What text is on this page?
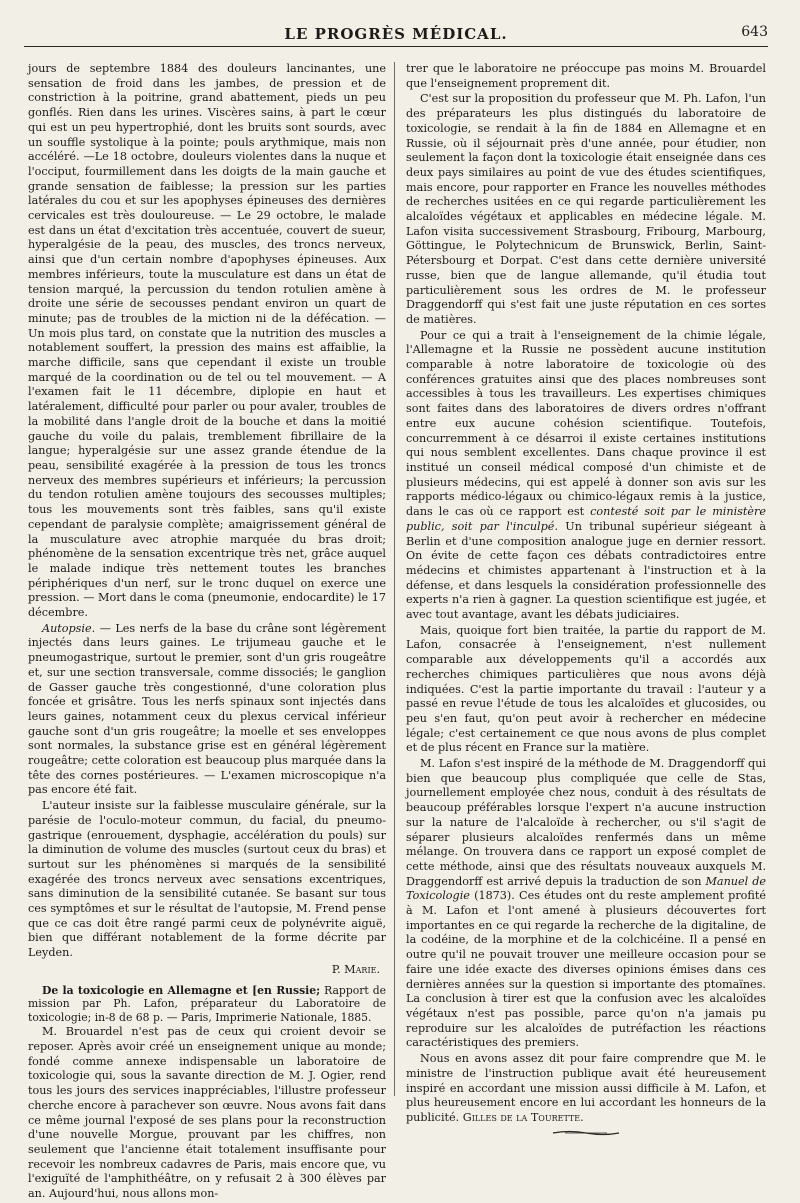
LE PROGRÈS MÉDICAL.	643

jours de septembre 1884 des douleurs lancinantes, une sensation de froid dans les jambes, de pression et de constriction à la poitrine, grand abattement, pieds un peu gonflés. Rien dans les urines. Viscères sains, à part le cœur qui est un peu hypertrophié, dont les bruits sont sourds, avec un souffle systolique à la pointe; pouls arythmique, mais non accéléré. —Le 18 octobre, douleurs violentes dans la nuque et l'occiput, fourmillement dans les doigts de la main gauche et grande sensation de faiblesse; la pression sur les parties latérales du cou et sur les apophyses épineuses des dernières cervicales est très douloureuse. — Le 29 octobre, le malade est dans un état d'excitation très accentuée, couvert de sueur, hyperalgésie de la peau, des muscles, des troncs nerveux, ainsi que d'un certain nombre d'apophyses épineuses. Aux membres inférieurs, toute la musculature est dans un état de tension marqué, la percussion du tendon rotulien amène à droite une série de secousses pendant environ un quart de minute; pas de troubles de la miction ni de la défécation. — Un mois plus tard, on constate que la nutrition des muscles a notablement souffert, la pression des mains est affaiblie, la marche difficile, sans que cependant il existe un trouble marqué de la coordination ou de tel ou tel mouvement. — A l'examen fait le 11 décembre, diplopie en haut et latéralement, difficulté pour parler ou pour avaler, troubles de la mobilité dans l'angle droit de la bouche et dans la moitié gauche du voile du palais, tremblement fibrillaire de la langue; hyperalgésie sur une assez grande étendue de la peau, sensibilité exagérée à la pression de tous les troncs nerveux des membres supérieurs et inférieurs; la percussion du tendon rotulien amène toujours des secousses multiples; tous les mouvements sont très faibles, sans qu'il existe cependant de paralysie complète; amaigrissement général de la musculature avec atrophie marquée du bras droit; phénomène de la sensation excentrique très net, grâce auquel le malade indique très nettement toutes les branches périphériques d'un nerf, sur le tronc duquel on exerce une pression. — Mort dans le coma (pneumonie, endocardite) le 17 décembre.

Autopsie. — Les nerfs de la base du crâne sont légèrement injectés dans leurs gaines. Le trijumeau gauche et le pneumogastrique, surtout le premier, sont d'un gris rougeâtre et, sur une section transversale, comme dissociés; le ganglion de Gasser gauche très congestionné, d'une coloration plus foncée et grisâtre. Tous les nerfs spinaux sont injectés dans leurs gaines, notamment ceux du plexus cervical inférieur gauche sont d'un gris rougeâtre; la moelle et ses enveloppes sont normales, la substance grise est en général légèrement rougeâtre; cette coloration est beaucoup plus marquée dans la tête des cornes postérieures. — L'examen microscopique n'a pas encore été fait.

L'auteur insiste sur la faiblesse musculaire générale, sur la parésie de l'oculo-moteur commun, du facial, du pneumo-gastrique (enrouement, dysphagie, accélération du pouls) sur la diminution de volume des muscles (surtout ceux du bras) et surtout sur les phénomènes si marqués de la sensibilité exagérée des troncs nerveux avec sensations excentriques, sans diminution de la sensibilité cutanée. Se basant sur tous ces symptômes et sur le résultat de l'autopsie, M. Frend pense que ce cas doit être rangé parmi ceux de polynévrite aiguë, bien que différant notablement de la forme décrite par Leyden.

P. Marie.

De la toxicologie en Allemagne et [en Russie; Rapport de mission par Ph. Lafon, préparateur du Laboratoire de toxicologie; in-8 de 68 p. — Paris, Imprimerie Nationale, 1885.

M. Brouardel n'est pas de ceux qui croient devoir se reposer. Après avoir créé un enseignement unique au monde; fondé comme annexe indispensable un laboratoire de toxicologie qui, sous la savante direction de M. J. Ogier, rend tous les jours des services inappréciables, l'illustre professeur cherche encore à parachever son œuvre. Nous avons fait dans ce même journal l'exposé de ses plans pour la reconstruction d'une nouvelle Morgue, prouvant par les chiffres, non seulement que l'ancienne était totalement insuffisante pour recevoir les nombreux cadavres de Paris, mais encore que, vu l'exiguïté de l'amphithéâtre, on y refusait 2 à 300 élèves par an. Aujourd'hui, nous allons mon-

trer que le laboratoire ne préoccupe pas moins M. Brouardel que l'enseignement proprement dit.

C'est sur la proposition du professeur que M. Ph. Lafon, l'un des préparateurs les plus distingués du laboratoire de toxicologie, se rendait à la fin de 1884 en Allemagne et en Russie, où il séjournait près d'une année, pour étudier, non seulement la façon dont la toxicologie était enseignée dans ces deux pays similaires au point de vue des études scientifiques, mais encore, pour rapporter en France les nouvelles méthodes de recherches usitées en ce qui regarde particulièrement les alcaloïdes végétaux et applicables en médecine légale. M. Lafon visita successivement Strasbourg, Fribourg, Marbourg, Göttingue, le Polytechnicum de Brunswick, Berlin, Saint-Pétersbourg et Dorpat. C'est dans cette dernière université russe, bien que de langue allemande, qu'il étudia tout particulièrement sous les ordres de M. le professeur Draggendorff qui s'est fait une juste réputation en ces sortes de matières.

Pour ce qui a trait à l'enseignement de la chimie légale, l'Allemagne et la Russie ne possèdent aucune institution comparable à notre laboratoire de toxicologie où des conférences gratuites ainsi que des places nombreuses sont accessibles à tous les travailleurs. Les expertises chimiques sont faites dans des laboratoires de divers ordres n'offrant entre eux aucune cohésion scientifique. Toutefois, concurremment à ce désarroi il existe certaines institutions qui nous semblent excellentes. Dans chaque province il est institué un conseil médical composé d'un chimiste et de plusieurs médecins, qui est appelé à donner son avis sur les rapports médico-légaux ou chimico-légaux remis à la justice, dans le cas où ce rapport est contesté soit par le ministère public, soit par l'inculpé. Un tribunal supérieur siégeant à Berlin et d'une composition analogue juge en dernier ressort. On évite de cette façon ces débats contradictoires entre médecins et chimistes appartenant à l'instruction et à la défense, et dans lesquels la considération professionnelle des experts n'a rien à gagner. La question scientifique est jugée, et avec tout avantage, avant les débats judiciaires.

Mais, quoique fort bien traitée, la partie du rapport de M. Lafon, consacrée à l'enseignement, n'est nullement comparable aux développements qu'il a accordés aux recherches chimiques particulières que nous avons déjà indiquées. C'est la partie importante du travail : l'auteur y a passé en revue l'étude de tous les alcaloïdes et glucosides, ou peu s'en faut, qu'on peut avoir à rechercher en médecine légale; c'est certainement ce que nous avons de plus complet et de plus récent en France sur la matière.

M. Lafon s'est inspiré de la méthode de M. Draggendorff qui bien que beaucoup plus compliquée que celle de Stas, journellement employée chez nous, conduit à des résultats de beaucoup préférables lorsque l'expert n'a aucune instruction sur la nature de l'alcaloïde à rechercher, ou s'il s'agit de séparer plusieurs alcaloïdes renfermés dans un même mélange. On trouvera dans ce rapport un exposé complet de cette méthode, ainsi que des résultats nouveaux auxquels M. Draggendorff est arrivé depuis la traduction de son Manuel de Toxicologie (1873). Ces études ont du reste amplement profité à M. Lafon et l'ont amené à plusieurs découvertes fort importantes en ce qui regarde la recherche de la digitaline, de la codéine, de la morphine et de la colchicéine. Il a pensé en outre qu'il ne pouvait trouver une meilleure occasion pour se faire une idée exacte des diverses opinions émises dans ces dernières années sur la question si importante des ptomaïnes. La conclusion à tirer est que la confusion avec les alcaloïdes végétaux n'est pas possible, parce qu'on n'a jamais pu reproduire sur les alcaloïdes de putréfaction les réactions caractéristiques des premiers.

Nous en avons assez dit pour faire comprendre que M. le ministre de l'instruction publique avait été heureusement inspiré en accordant une mission aussi difficile à M. Lafon, et plus heureusement encore en lui accordant les honneurs de la publicité. Gilles de la Tourette.
